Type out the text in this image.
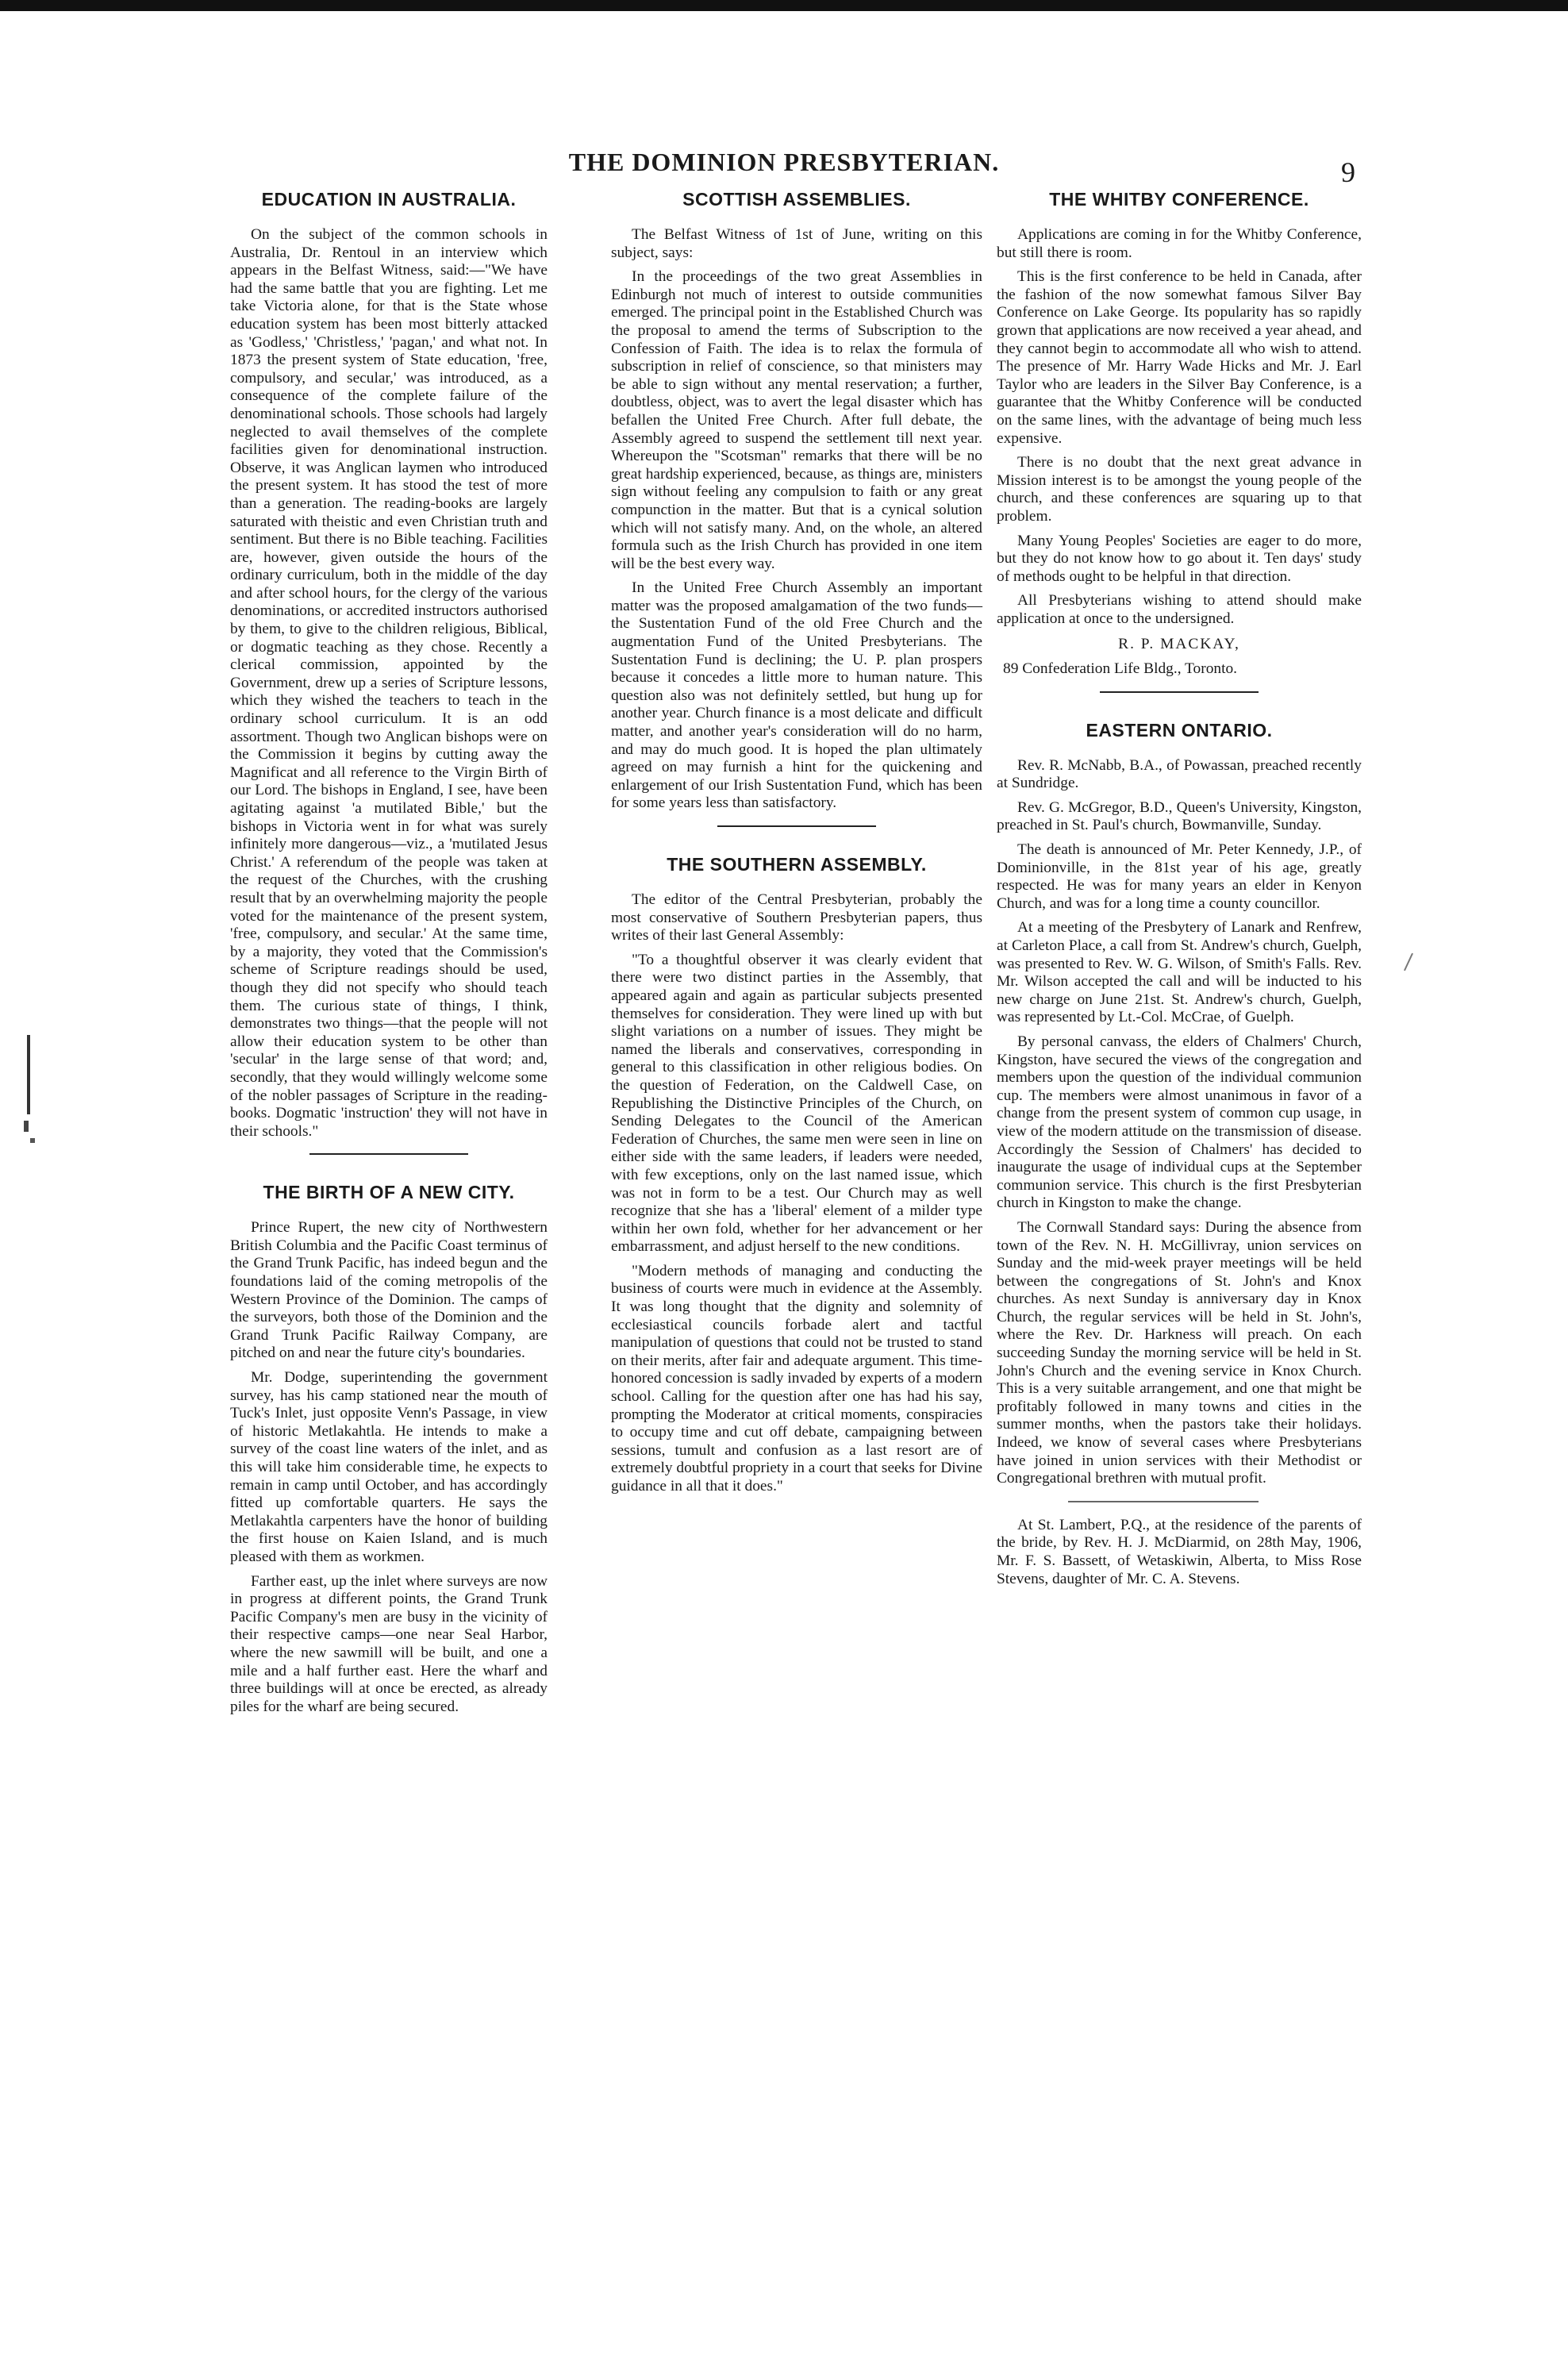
THE DOMINION PRESBYTERIAN.	9
EDUCATION IN AUSTRALIA.

On the subject of the common schools in Australia, Dr. Rentoul in an interview which appears in the Belfast Witness, said:—"We have had the same battle that you are fighting. Let me take Victoria alone, for that is the State whose education system has been most bitterly attacked as 'Godless,' 'Christless,' 'pagan,' and what not. In 1873 the present system of State education, 'free, compulsory, and secular,' was introduced, as a consequence of the complete failure of the denominational schools. Those schools had largely neglected to avail themselves of the complete facilities given for denominational instruction. Observe, it was Anglican laymen who introduced the present system. It has stood the test of more than a generation. The reading-books are largely saturated with theistic and even Christian truth and sentiment. But there is no Bible teaching. Facilities are, however, given outside the hours of the ordinary curriculum, both in the middle of the day and after school hours, for the clergy of the various denominations, or accredited instructors authorised by them, to give to the children religious, Biblical, or dogmatic teaching as they chose. Recently a clerical commission, appointed by the Government, drew up a series of Scripture lessons, which they wished the teachers to teach in the ordinary school curriculum. It is an odd assortment. Though two Anglican bishops were on the Commission it begins by cutting away the Magnificat and all reference to the Virgin Birth of our Lord. The bishops in England, I see, have been agitating against 'a mutilated Bible,' but the bishops in Victoria went in for what was surely infinitely more dangerous—viz., a 'mutilated Jesus Christ.' A referendum of the people was taken at the request of the Churches, with the crushing result that by an overwhelming majority the people voted for the maintenance of the present system, 'free, compulsory, and secular.' At the same time, by a majority, they voted that the Commission's scheme of Scripture readings should be used, though they did not specify who should teach them. The curious state of things, I think, demonstrates two things—that the people will not allow their education system to be other than 'secular' in the large sense of that word; and, secondly, that they would willingly welcome some of the nobler passages of Scripture in the reading-books. Dogmatic 'instruction' they will not have in their schools."

THE BIRTH OF A NEW CITY.

Prince Rupert, the new city of Northwestern British Columbia and the Pacific Coast terminus of the Grand Trunk Pacific, has indeed begun and the foundations laid of the coming metropolis of the Western Province of the Dominion. The camps of the surveyors, both those of the Dominion and the Grand Trunk Pacific Railway Company, are pitched on and near the future city's boundaries.

Mr. Dodge, superintending the government survey, has his camp stationed near the mouth of Tuck's Inlet, just opposite Venn's Passage, in view of historic Metlakahtla. He intends to make a survey of the coast line waters of the inlet, and as this will take him considerable time, he expects to remain in camp until October, and has accordingly fitted up comfortable quarters. He says the Metlakahtla carpenters have the honor of building the first house on Kaien Island, and is much pleased with them as workmen.

Farther east, up the inlet where surveys are now in progress at different points, the Grand Trunk Pacific Company's men are busy in the vicinity of their respective camps—one near Seal Harbor, where the new sawmill will be built, and one a mile and a half further east. Here the wharf and three buildings will at once be erected, as already piles for the wharf are being secured.

SCOTTISH ASSEMBLIES.

The Belfast Witness of 1st of June, writing on this subject, says:

In the proceedings of the two great Assemblies in Edinburgh not much of interest to outside communities emerged. The principal point in the Established Church was the proposal to amend the terms of Subscription to the Confession of Faith. The idea is to relax the formula of subscription in relief of conscience, so that ministers may be able to sign without any mental reservation; a further, doubtless, object, was to avert the legal disaster which has befallen the United Free Church. After full debate, the Assembly agreed to suspend the settlement till next year. Whereupon the "Scotsman" remarks that there will be no great hardship experienced, because, as things are, ministers sign without feeling any compulsion to faith or any great compunction in the matter. But that is a cynical solution which will not satisfy many. And, on the whole, an altered formula such as the Irish Church has provided in one item will be the best every way.

In the United Free Church Assembly an important matter was the proposed amalgamation of the two funds—the Sustentation Fund of the old Free Church and the augmentation Fund of the United Presbyterians. The Sustentation Fund is declining; the U. P. plan prospers because it concedes a little more to human nature. This question also was not definitely settled, but hung up for another year. Church finance is a most delicate and difficult matter, and another year's consideration will do no harm, and may do much good. It is hoped the plan ultimately agreed on may furnish a hint for the quickening and enlargement of our Irish Sustentation Fund, which has been for some years less than satisfactory.

THE SOUTHERN ASSEMBLY.

The editor of the Central Presbyterian, probably the most conservative of Southern Presbyterian papers, thus writes of their last General Assembly:

"To a thoughtful observer it was clearly evident that there were two distinct parties in the Assembly, that appeared again and again as particular subjects presented themselves for consideration. They were lined up with but slight variations on a number of issues. They might be named the liberals and conservatives, corresponding in general to this classification in other religious bodies. On the question of Federation, on the Caldwell Case, on Republishing the Distinctive Principles of the Church, on Sending Delegates to the Council of the American Federation of Churches, the same men were seen in line on either side with the same leaders, if leaders were needed, with few exceptions, only on the last named issue, which was not in form to be a test. Our Church may as well recognize that she has a 'liberal' element of a milder type within her own fold, whether for her advancement or her embarrassment, and adjust herself to the new conditions.

"Modern methods of managing and conducting the business of courts were much in evidence at the Assembly. It was long thought that the dignity and solemnity of ecclesiastical councils forbade alert and tactful manipulation of questions that could not be trusted to stand on their merits, after fair and adequate argument. This time-honored concession is sadly invaded by experts of a modern school. Calling for the question after one has had his say, prompting the Moderator at critical moments, conspiracies to occupy time and cut off debate, campaigning between sessions, tumult and confusion as a last resort are of extremely doubtful propriety in a court that seeks for Divine guidance in all that it does."

THE WHITBY CONFERENCE.

Applications are coming in for the Whitby Conference, but still there is room.

This is the first conference to be held in Canada, after the fashion of the now somewhat famous Silver Bay Conference on Lake George. Its popularity has so rapidly grown that applications are now received a year ahead, and they cannot begin to accommodate all who wish to attend. The presence of Mr. Harry Wade Hicks and Mr. J. Earl Taylor who are leaders in the Silver Bay Conference, is a guarantee that the Whitby Conference will be conducted on the same lines, with the advantage of being much less expensive.

There is no doubt that the next great advance in Mission interest is to be amongst the young people of the church, and these conferences are squaring up to that problem.

Many Young Peoples' Societies are eager to do more, but they do not know how to go about it. Ten days' study of methods ought to be helpful in that direction.

All Presbyterians wishing to attend should make application at once to the undersigned.

R. P. MACKAY,

89 Confederation Life Bldg., Toronto.

EASTERN ONTARIO.

Rev. R. McNabb, B.A., of Powassan, preached recently at Sundridge.

Rev. G. McGregor, B.D., Queen's University, Kingston, preached in St. Paul's church, Bowmanville, Sunday.

The death is announced of Mr. Peter Kennedy, J.P., of Dominionville, in the 81st year of his age, greatly respected. He was for many years an elder in Kenyon Church, and was for a long time a county councillor.

At a meeting of the Presbytery of Lanark and Renfrew, at Carleton Place, a call from St. Andrew's church, Guelph, was presented to Rev. W. G. Wilson, of Smith's Falls. Rev. Mr. Wilson accepted the call and will be inducted to his new charge on June 21st. St. Andrew's church, Guelph, was represented by Lt.-Col. McCrae, of Guelph.

By personal canvass, the elders of Chalmers' Church, Kingston, have secured the views of the congregation and members upon the question of the individual communion cup. The members were almost unanimous in favor of a change from the present system of common cup usage, in view of the modern attitude on the transmission of disease. Accordingly the Session of Chalmers' has decided to inaugurate the usage of individual cups at the September communion service. This church is the first Presbyterian church in Kingston to make the change.

The Cornwall Standard says: During the absence from town of the Rev. N. H. McGillivray, union services on Sunday and the mid-week prayer meetings will be held between the congregations of St. John's and Knox churches. As next Sunday is anniversary day in Knox Church, the regular services will be held in St. John's, where the Rev. Dr. Harkness will preach. On each succeeding Sunday the morning service will be held in St. John's Church and the evening service in Knox Church. This is a very suitable arrangement, and one that might be profitably followed in many towns and cities in the summer months, when the pastors take their holidays. Indeed, we know of several cases where Presbyterians have joined in union services with their Methodist or Congregational brethren with mutual profit.

At St. Lambert, P.Q., at the residence of the parents of the bride, by Rev. H. J. McDiarmid, on 28th May, 1906, Mr. F. S. Bassett, of Wetaskiwin, Alberta, to Miss Rose Stevens, daughter of Mr. C. A. Stevens.
